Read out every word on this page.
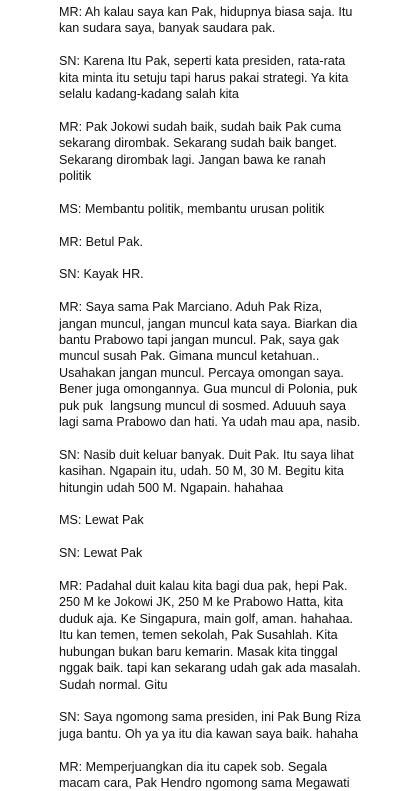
MR: Ah kalau saya kan Pak, hidupnya biasa saja. Itu
kan sudara saya, banyak saudara pak.
SN: Karena Itu Pak, seperti kata presiden, rata-rata
kita minta itu setuju tapi harus pakai strategi. Ya kita
selalu kadang-kadang salah kita
MR: Pak Jokowi sudah baik, sudah baik Pak cuma
sekarang dirombak. Sekarang sudah baik banget.
Sekarang dirombak lagi. Jangan bawa ke ranah
politik
MS: Membantu politik, membantu urusan politik
MR: Betul Pak.
SN: Kayak HR.
MR: Saya sama Pak Marciano. Aduh Pak Riza,
jangan muncul, jangan muncul kata saya. Biarkan dia
bantu Prabowo tapi jangan muncul. Pak, saya gak
muncul susah Pak. Gimana muncul ketahuan..
Usahakan jangan muncul. Percaya omongan saya.
Bener juga omongannya. Gua muncul di Polonia, puk
puk puk  langsung muncul di sosmed. Aduuuh saya
lagi sama Prabowo dan hati. Ya udah mau apa, nasib.
SN: Nasib duit keluar banyak. Duit Pak. Itu saya lihat
kasihan. Ngapain itu, udah. 50 M, 30 M. Begitu kita
hitungin udah 500 M. Ngapain. hahahaa
MS: Lewat Pak
SN: Lewat Pak
MR: Padahal duit kalau kita bagi dua pak, hepi Pak.
250 M ke Jokowi JK, 250 M ke Prabowo Hatta, kita
duduk aja. Ke Singapura, main golf, aman. hahahaa.
Itu kan temen, temen sekolah, Pak Susahlah. Kita
hubungan bukan baru kemarin. Masak kita tinggal
nggak baik. tapi kan sekarang udah gak ada masalah.
Sudah normal. Gitu
SN: Saya ngomong sama presiden, ini Pak Bung Riza
juga bantu. Oh ya ya itu dia kawan saya baik. hahaha
MR: Memperjuangkan dia itu capek sob. Segala
macam cara, Pak Hendro ngomong sama Megawati
